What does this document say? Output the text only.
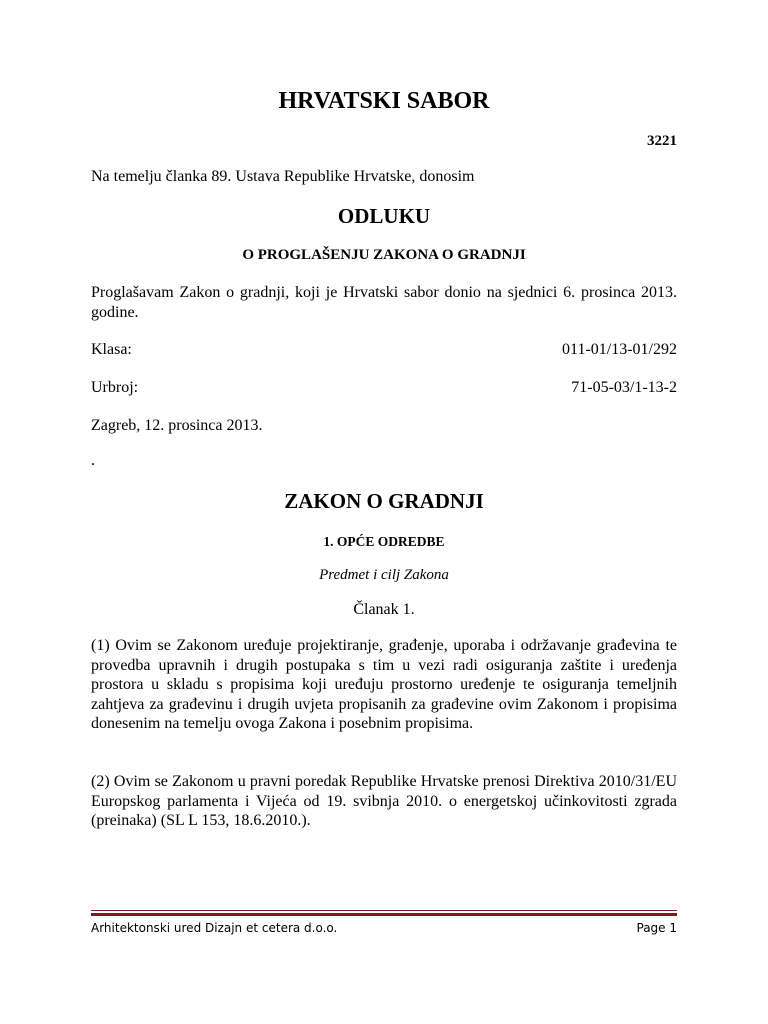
HRVATSKI SABOR
3221

Na temelju članka 89. Ustava Republike Hrvatske, donosim

ODLUKU
O PROGLAŠENJU ZAKONA O GRADNJI

Proglašavam Zakon o gradnji, koji je Hrvatski sabor donio na sjednici 6. prosinca 2013. godine.

Klasa:	011-01/13-01/292
Urbroj:	71-05-03/1-13-2

Zagreb, 12. prosinca 2013.

.

ZAKON O GRADNJI
1. OPĆE ODREDBE
Predmet i cilj Zakona
Članak 1.

(1) Ovim se Zakonom uređuje projektiranje, građenje, uporaba i održavanje građevina te provedba upravnih i drugih postupaka s tim u vezi radi osiguranja zaštite i uređenja prostora u skladu s propisima koji uređuju prostorno uređenje te osiguranja temeljnih zahtjeva za građevinu i drugih uvjeta propisanih za građevine ovim Zakonom i propisima donesenim na temelju ovoga Zakona i posebnim propisima.

(2) Ovim se Zakonom u pravni poredak Republike Hrvatske prenosi Direktiva 2010/31/EU Europskog parlamenta i Vijeća od 19. svibnja 2010. o energetskoj učinkovitosti zgrada (preinaka) (SL L 153, 18.6.2010.).

Arhitektonski ured Dizajn et cetera d.o.o.	Page 1
